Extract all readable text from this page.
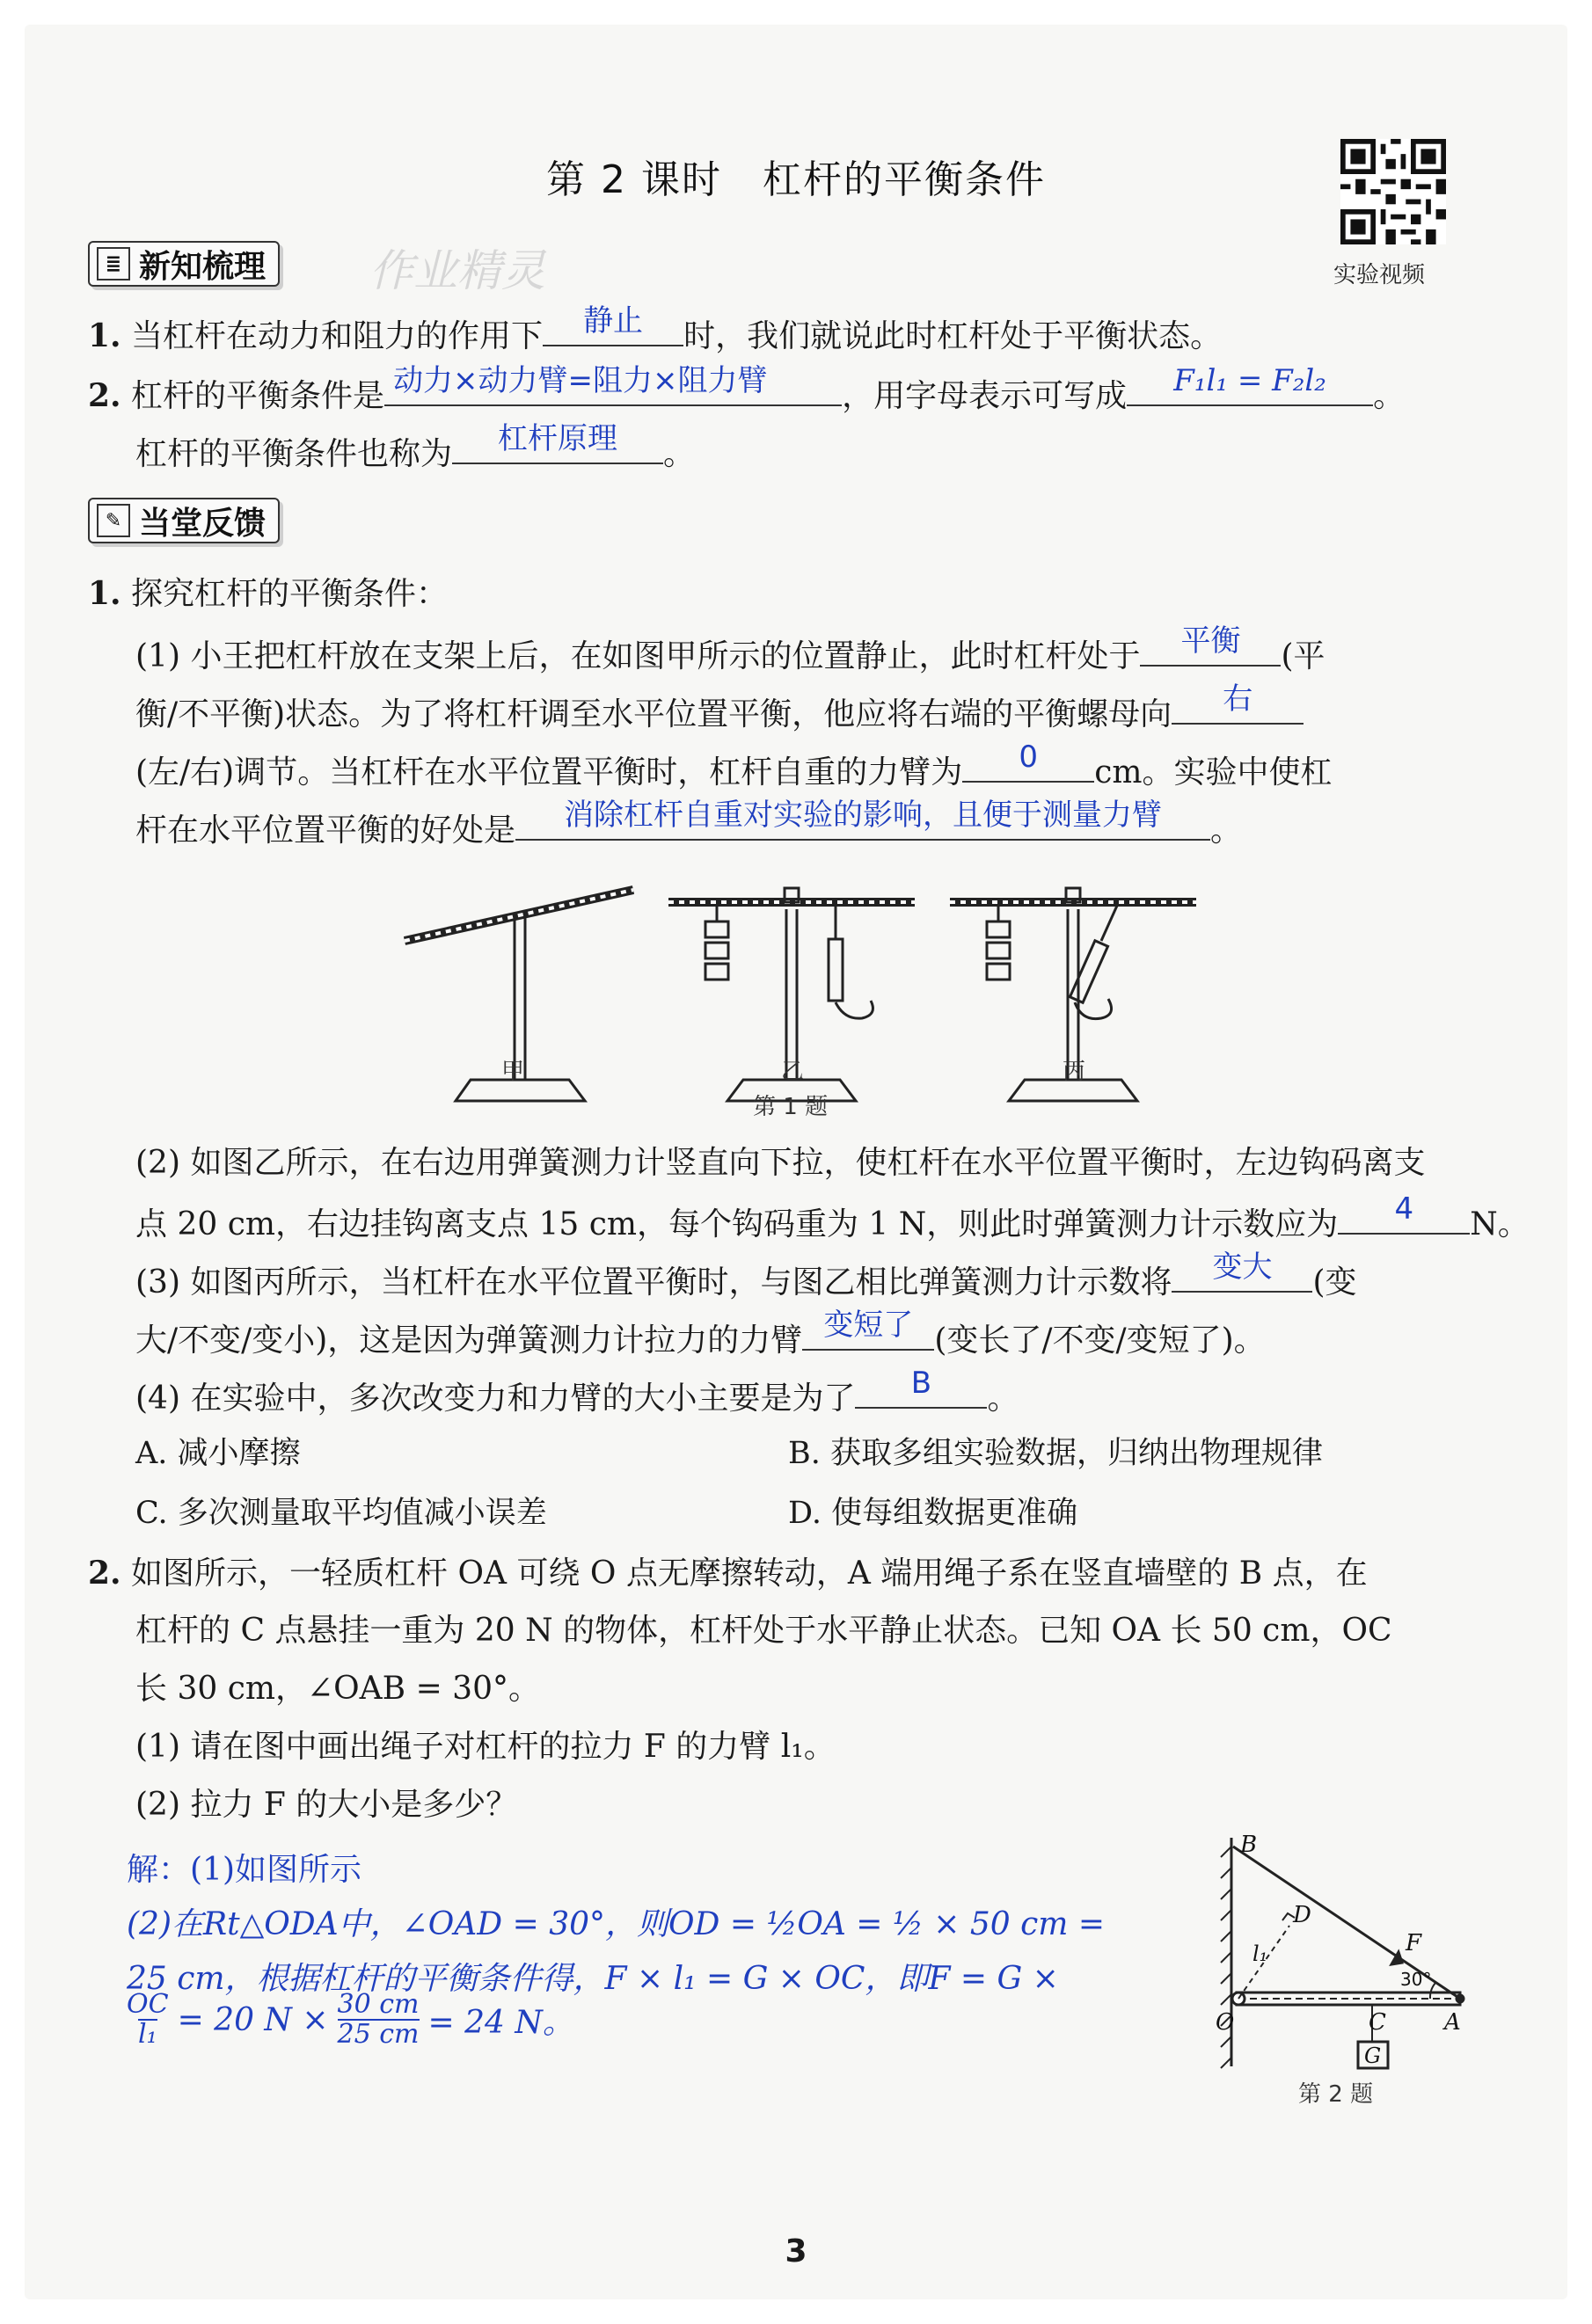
第 2 课时　杠杆的平衡条件
实验视频
≣ 新知梳理 作业精灵
1. 当杠杆在动力和阻力的作用下	静止	时，我们就说此时杠杆处于平衡状态。
2. 杠杆的平衡条件是 动力×动力臂=阻力×阻力臂	，用字母表示可写成	F₁l₁ = F₂l₂	。
杠杆的平衡条件也称为	杠杆原理	。
✎ 当堂反馈
1. 探究杠杆的平衡条件：
(1) 小王把杠杆放在支架上后，在如图甲所示的位置静止，此时杠杆处于	平衡	(平
衡/不平衡)状态。为了将杠杆调至水平位置平衡，他应将右端的平衡螺母向	右
(左/右)调节。当杠杆在水平位置平衡时，杠杆自重的力臂为	0	cm。实验中使杠
杆在水平位置平衡的好处是	消除杠杆自重对实验的影响，且便于测量力臂	。
甲	乙	丙
第 1 题
(2) 如图乙所示，在右边用弹簧测力计竖直向下拉，使杠杆在水平位置平衡时，左边钩码离支
点 20 cm，右边挂钩离支点 15 cm，每个钩码重为 1 N，则此时弹簧测力计示数应为	4	N。
(3) 如图丙所示，当杠杆在水平位置平衡时，与图乙相比弹簧测力计示数将	变大	(变
大/不变/变小)，这是因为弹簧测力计拉力的力臂 变短了 (变长了/不变/变短了)。
(4) 在实验中，多次改变力和力臂的大小主要是为了	B	。
A. 减小摩擦	B. 获取多组实验数据，归纳出物理规律
C. 多次测量取平均值减小误差	D. 使每组数据更准确
2. 如图所示，一轻质杠杆 OA 可绕 O 点无摩擦转动，A 端用绳子系在竖直墙壁的 B 点，在
杠杆的 C 点悬挂一重为 20 N 的物体，杠杆处于水平静止状态。已知 OA 长 50 cm，OC
长 30 cm，∠OAB = 30°。
(1) 请在图中画出绳子对杠杆的拉力 F 的力臂 l₁。
(2) 拉力 F 的大小是多少？
解：(1)如图所示
(2)在Rt△ODA中，∠OAD = 30°，则OD = ½OA = ½ × 50 cm =
25 cm，根据杠杆的平衡条件得，F × l₁ = G × OC，即F = G ×
$\frac{OC}{\text{l₁}} = 20$ $N \times \frac{30 cm}{25 cm} = 24$ N。
B
D
F
l₁
30°
O	C	A
G
第 2 题
3
